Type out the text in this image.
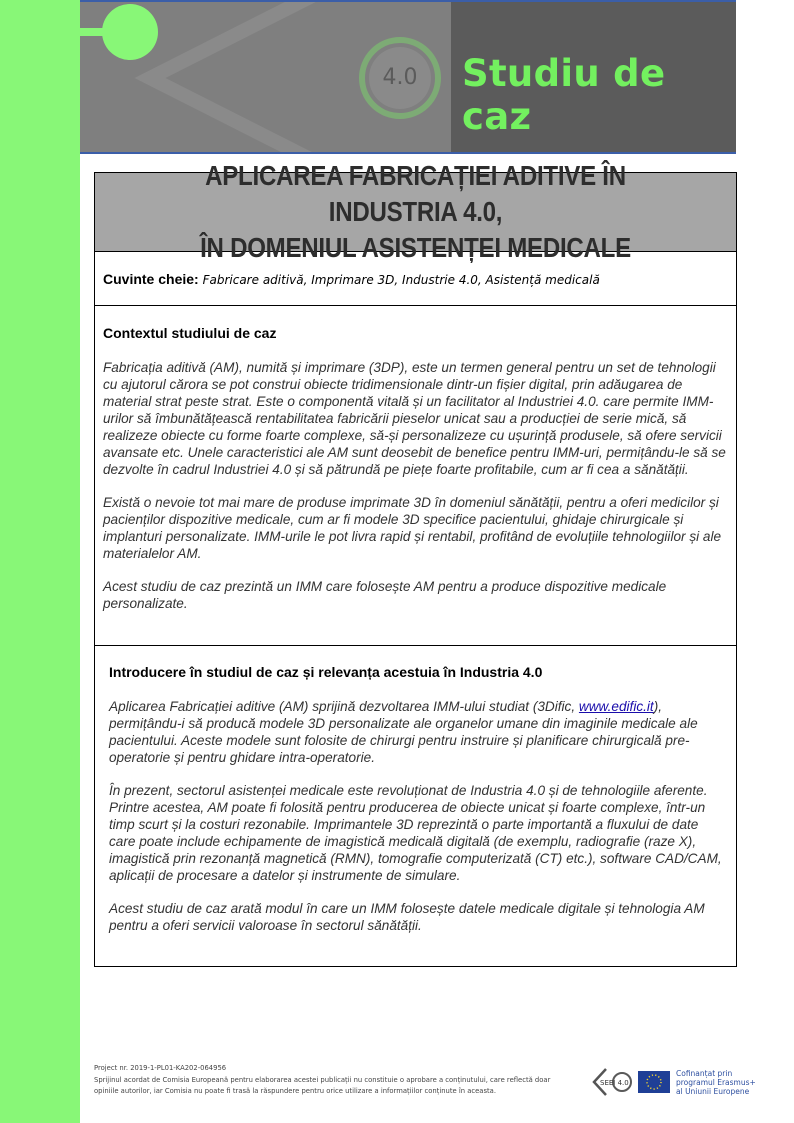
4.0	Studiu de caz
APLICAREA FABRICAȚIEI ADITIVE ÎN INDUSTRIA 4.0,
ÎN DOMENIUL ASISTENȚEI MEDICALE
Cuvinte cheie: Fabricare aditivă, Imprimare 3D, Industrie 4.0, Asistență medicală

Contextul studiului de caz

Fabricația aditivă (AM), numită și imprimare (3DP), este un termen general pentru un set de tehnologii cu ajutorul cărora se pot construi obiecte tridimensionale dintr-un fișier digital, prin adăugarea de material strat peste strat. Este o componentă vitală și un facilitator al Industriei 4.0. care permite IMM-urilor să îmbunătățească rentabilitatea fabricării pieselor unicat sau a producției de serie mică, să realizeze obiecte cu forme foarte complexe, să-și personalizeze cu ușurință produsele, să ofere servicii avansate etc. Unele caracteristici ale AM sunt deosebit de benefice pentru IMM-uri, permițându-le să se dezvolte în cadrul Industriei 4.0 și să pătrundă pe piețe foarte profitabile, cum ar fi cea a sănătății.

Există o nevoie tot mai mare de produse imprimate 3D în domeniul sănătății, pentru a oferi medicilor și pacienților dispozitive medicale, cum ar fi modele 3D specifice pacientului, ghidaje chirurgicale și implanturi personalizate. IMM-urile le pot livra rapid și rentabil, profitând de evoluțiile tehnologiilor și ale materialelor AM.

Acest studiu de caz prezintă un IMM care folosește AM pentru a produce dispozitive medicale personalizate.

Introducere în studiul de caz și relevanța acestuia în Industria 4.0

Aplicarea Fabricației aditive (AM) sprijină dezvoltarea IMM-ului studiat (3Dific, www.edific.it), permițându-i să producă modele 3D personalizate ale organelor umane din imaginile medicale ale pacientului. Aceste modele sunt folosite de chirurgi pentru instruire și planificare chirurgicală pre-operatorie și pentru ghidare intra-operatorie.

În prezent, sectorul asistenței medicale este revoluționat de Industria 4.0 și de tehnologiile aferente. Printre acestea, AM poate fi folosită pentru producerea de obiecte unicat și foarte complexe, într-un timp scurt și la costuri rezonabile. Imprimantele 3D reprezintă o parte importantă a fluxului de date care poate include echipamente de imagistică medicală digitală (de exemplu, radiografie (raze X), imagistică prin rezonanță magnetică (RMN), tomografie computerizată (CT) etc.), software CAD/CAM, aplicații de procesare a datelor și instrumente de simulare.

Acest studiu de caz arată modul în care un IMM folosește datele medicale digitale și tehnologia AM pentru a oferi servicii valoroase în sectorul sănătății.

Project nr. 2019-1-PL01-KA202-064956
Sprijinul acordat de Comisia Europeană pentru elaborarea acestei publicații nu constituie o aprobare a conținutului, care reflectă doar opiniile autorilor, iar Comisia nu poate fi trasă la răspundere pentru orice utilizare a informațiilor conținute în aceasta.
SEEI 4.0
Cofinanțat prin
programul Erasmus+
al Uniunii Europene
